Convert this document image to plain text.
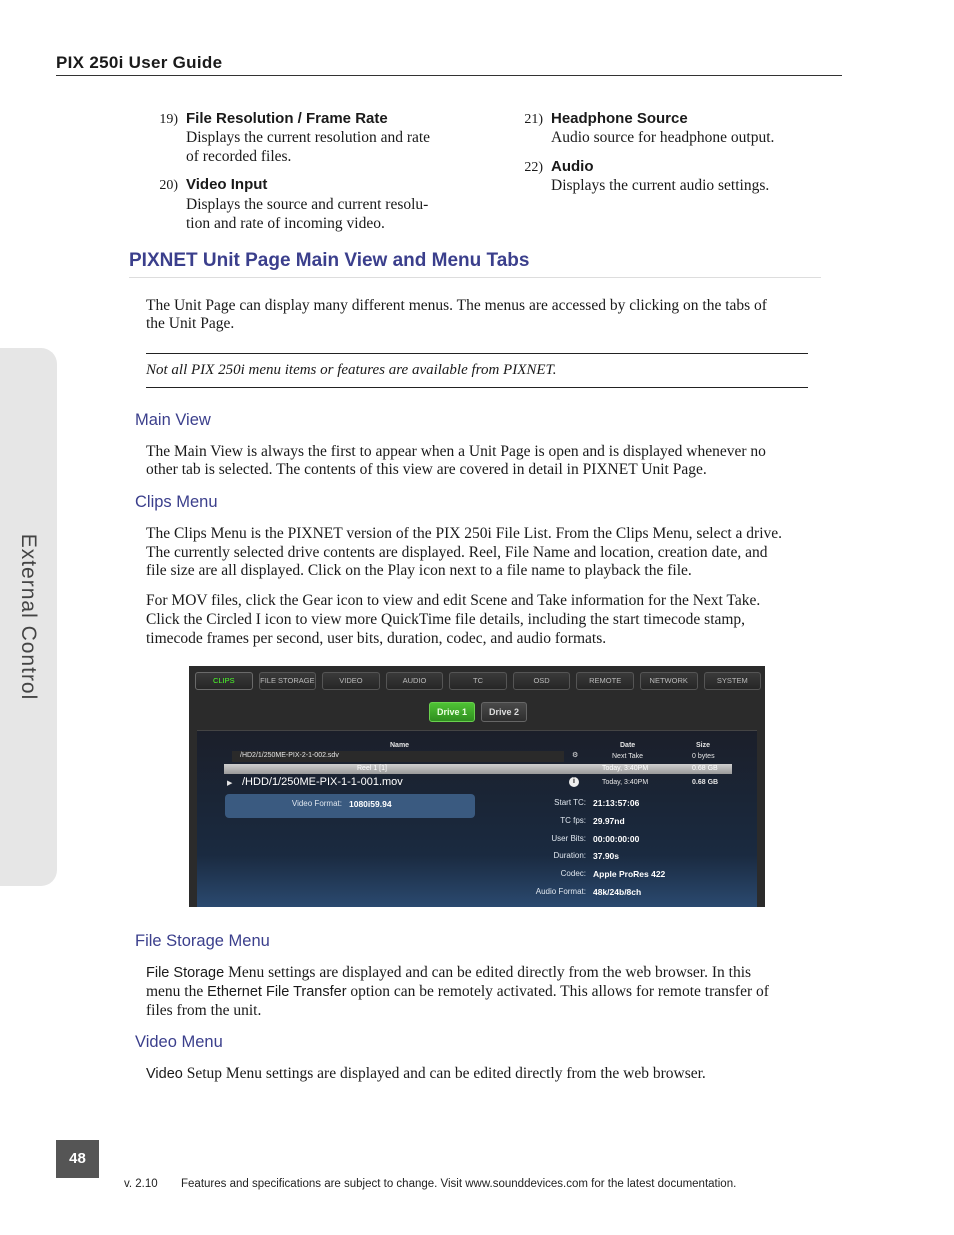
PIX 250i User Guide
External Control
19) File Resolution / Frame Rate
Displays the current resolution and rate
of recorded files.
20) Video Input
Displays the source and current resolu-
tion and rate of incoming video.
21) Headphone Source
Audio source for headphone output.
22) Audio
Displays the current audio settings.
PIXNET Unit Page Main View and Menu Tabs
The Unit Page can display many different menus. The menus are accessed by clicking on the tabs of
the Unit Page.
Not all PIX 250i menu items or features are available from PIXNET.
Main View
The Main View is always the first to appear when a Unit Page is open and is displayed whenever no
other tab is selected. The contents of this view are covered in detail in PIXNET Unit Page.
Clips Menu
The Clips Menu is the PIXNET version of the PIX 250i File List. From the Clips Menu, select a drive.
The currently selected drive contents are displayed. Reel, File Name and location, creation date, and
file size are all displayed. Click on the Play icon next to a file name to playback the file.
For MOV files, click the Gear icon to view and edit Scene and Take information for the Next Take.
Click the Circled I icon to view more QuickTime file details, including the start timecode stamp,
timecode frames per second, user bits, duration, codec, and audio formats.
CLIPS	FILE STORAGE	VIDEO	AUDIO	TC	OSD	REMOTE	NETWORK	SYSTEM
Drive 1	Drive 2
Name	Date	Size
/HD2/1/250ME-PIX-2-1-002.sdv	⚙	Next Take	0 bytes
Reel 1 [1]	Today, 3:40PM	0.68 GB
▶ /HDD/1/250ME-PIX-1-1-001.mov	i	Today, 3:40PM	0.68 GB
Video Format: 1080i59.94	Start TC: 21:13:57:06
TC fps: 29.97nd
User Bits: 00:00:00:00
Duration: 37.90s
Codec: Apple ProRes 422
Audio Format: 48k/24b/8ch
File Storage Menu
File Storage Menu settings are displayed and can be edited directly from the web browser. In this
menu the Ethernet File Transfer option can be remotely activated. This allows for remote transfer of
files from the unit.
Video Menu
Video Setup Menu settings are displayed and can be edited directly from the web browser.
48
v. 2.10 Features and specifications are subject to change. Visit www.sounddevices.com for the latest documentation.
